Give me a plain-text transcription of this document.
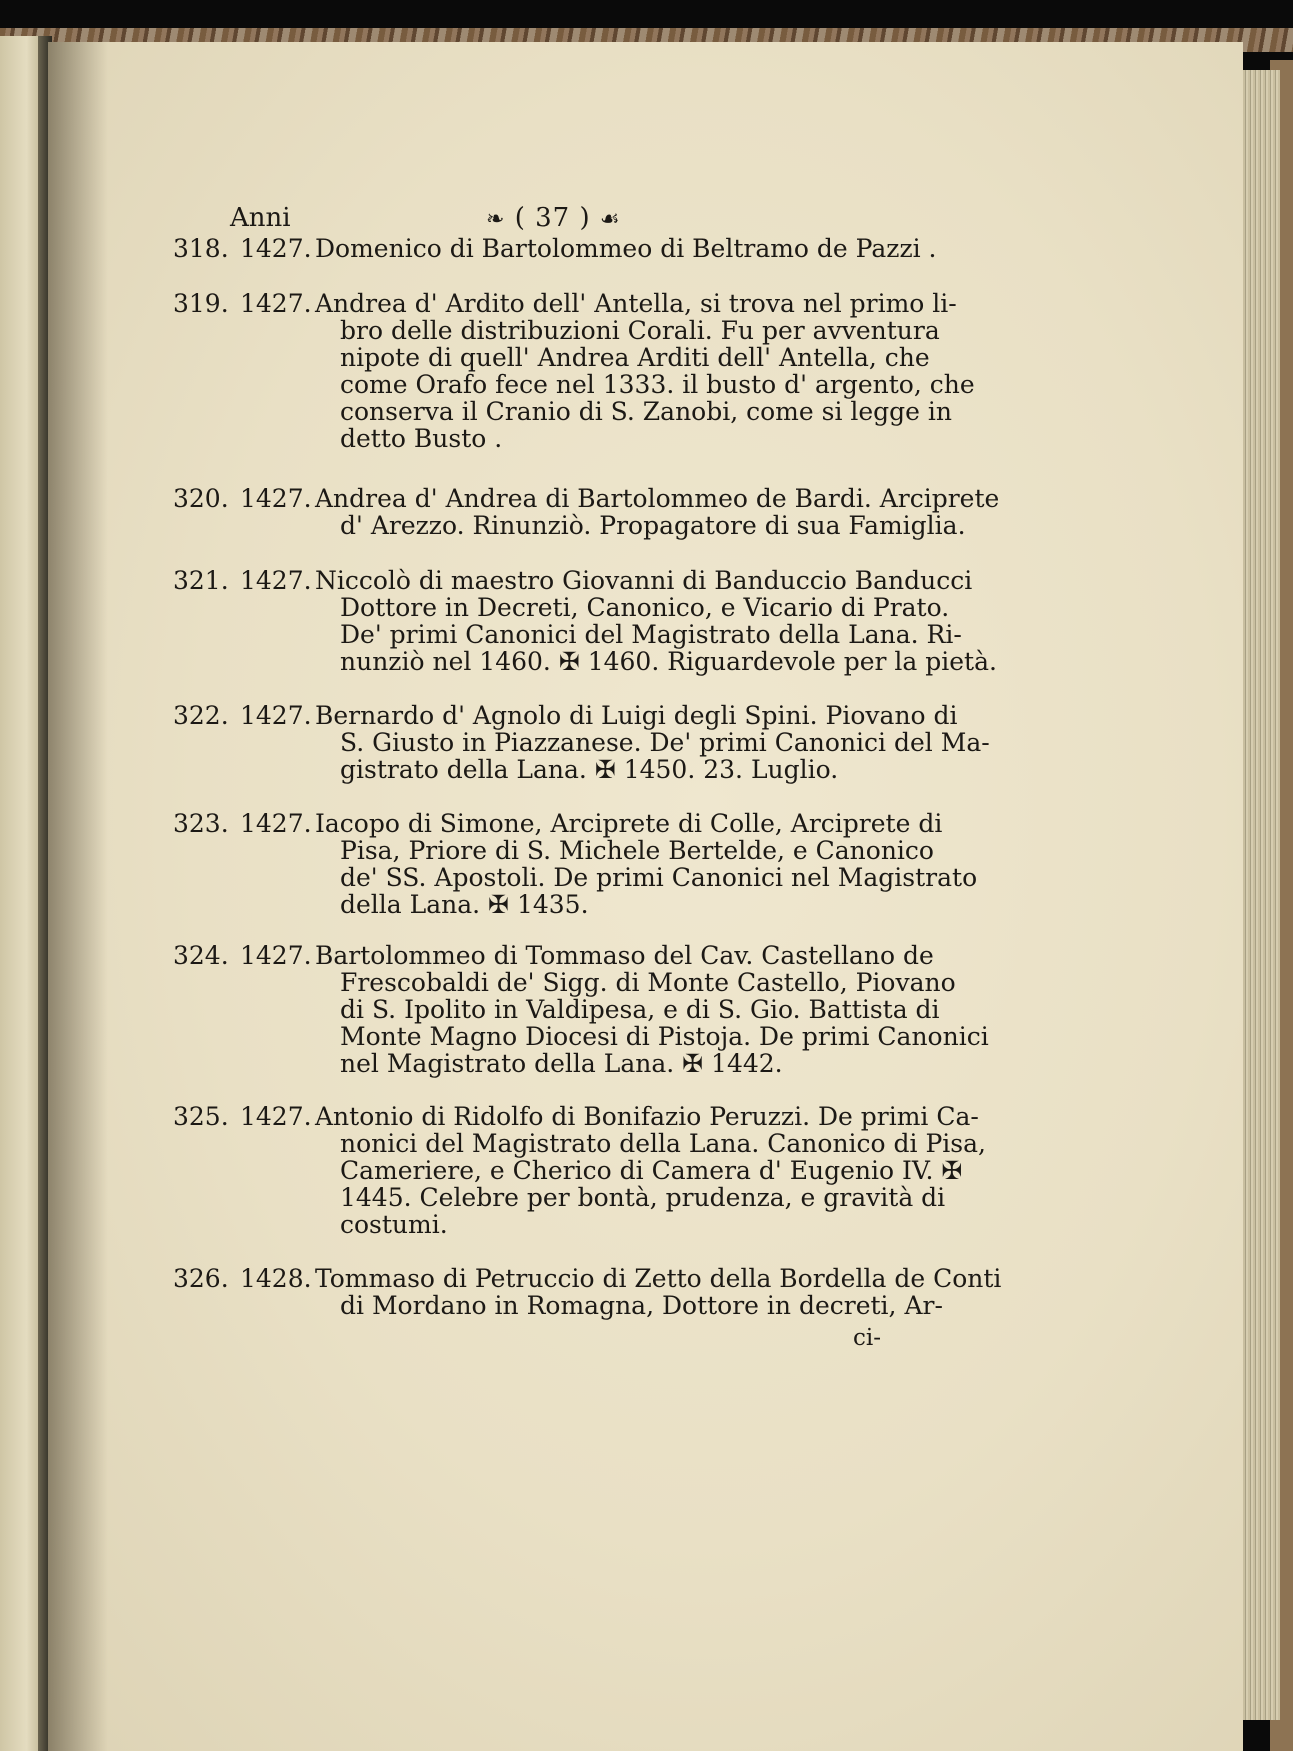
Anni	❧ ( 37 ) ☙
318. 1427. Domenico di Bartolommeo di Beltramo de Pazzi .
319. 1427. Andrea d' Ardito dell' Antella, si trova nel primo li-
bro delle distribuzioni Corali. Fu per avventura
nipote di quell' Andrea Arditi dell' Antella, che
come Orafo fece nel 1333. il busto d' argento, che
conserva il Cranio di S. Zanobi, come si legge in
detto Busto .
320. 1427. Andrea d' Andrea di Bartolommeo de Bardi. Arciprete
d' Arezzo. Rinunziò. Propagatore di sua Famiglia.
321. 1427. Niccolò di maestro Giovanni di Banduccio Banducci
Dottore in Decreti, Canonico, e Vicario di Prato.
De' primi Canonici del Magistrato della Lana. Ri-
nunziò nel 1460. ✠ 1460. Riguardevole per la pietà.
322. 1427. Bernardo d' Agnolo di Luigi degli Spini. Piovano di
S. Giusto in Piazzanese. De' primi Canonici del Ma-
gistrato della Lana. ✠ 1450. 23. Luglio.
323. 1427. Iacopo di Simone, Arciprete di Colle, Arciprete di
Pisa, Priore di S. Michele Bertelde, e Canonico
de' SS. Apostoli. De primi Canonici nel Magistrato
della Lana. ✠ 1435.
324. 1427. Bartolommeo di Tommaso del Cav. Castellano de
Frescobaldi de' Sigg. di Monte Castello, Piovano
di S. Ipolito in Valdipesa, e di S. Gio. Battista di
Monte Magno Diocesi di Pistoja. De primi Canonici
nel Magistrato della Lana. ✠ 1442.
325. 1427. Antonio di Ridolfo di Bonifazio Peruzzi. De primi Ca-
nonici del Magistrato della Lana. Canonico di Pisa,
Cameriere, e Cherico di Camera d' Eugenio IV. ✠
1445. Celebre per bontà, prudenza, e gravità di
costumi.
326. 1428. Tommaso di Petruccio di Zetto della Bordella de Conti
di Mordano in Romagna, Dottore in decreti, Ar-
ci-
